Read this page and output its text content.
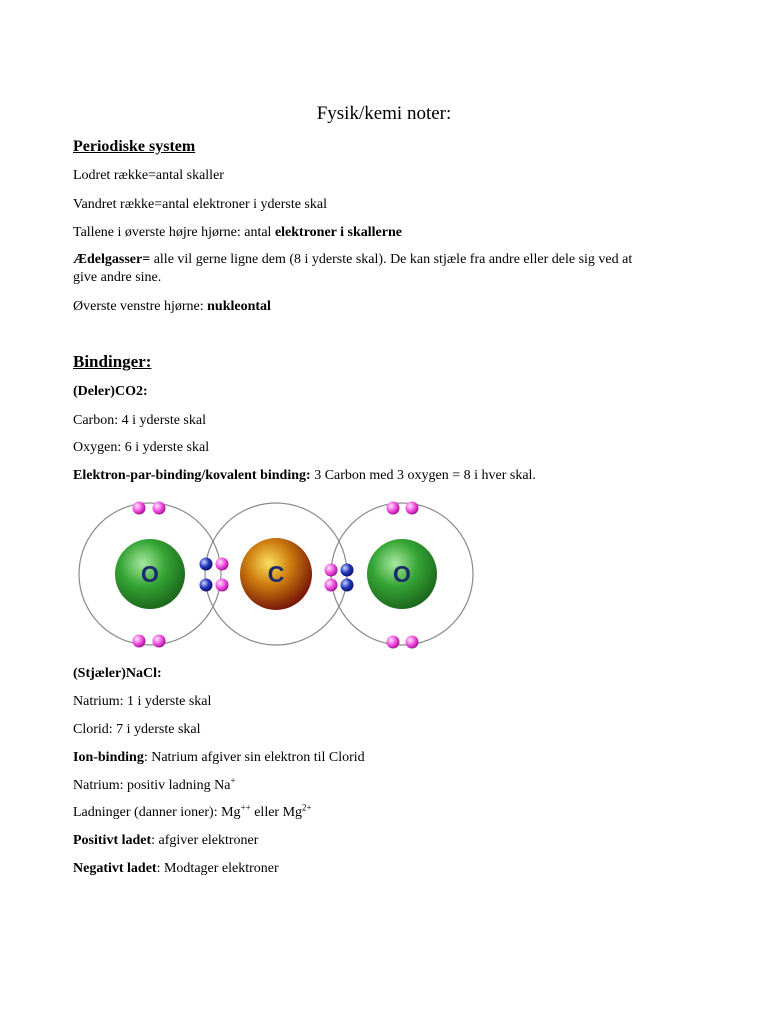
Fysik/kemi noter:
Periodiske system
Lodret række=antal skaller
Vandret række=antal elektroner i yderste skal
Tallene i øverste højre hjørne: antal elektroner i skallerne
Ædelgasser= alle vil gerne ligne dem (8 i yderste skal). De kan stjæle fra andre eller dele sig ved at
give andre sine.
Øverste venstre hjørne: nukleontal
Bindinger:
(Deler)CO2:
Carbon: 4 i yderste skal
Oxygen: 6 i yderste skal
Elektron-par-binding/kovalent binding: 3 Carbon med 3 oxygen = 8 i hver skal.
O	C	O
(Stjæler)NaCl:
Natrium: 1 i yderste skal
Clorid: 7 i yderste skal
Ion-binding: Natrium afgiver sin elektron til Clorid
Natrium: positiv ladning Na+
Ladninger (danner ioner): Mg++ eller $Mg^{2+}$
Positivt ladet: afgiver elektroner
Negativt ladet: Modtager elektroner
